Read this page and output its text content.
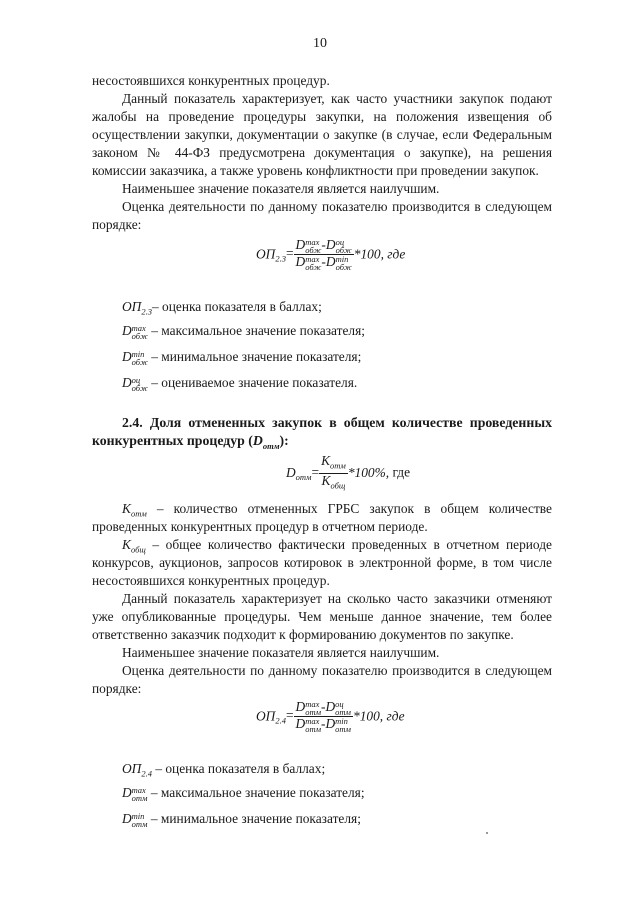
10
несостоявшихся конкурентных процедур.
Данный показатель характеризует, как часто участники закупок подают
жалобы на проведение процедуры закупки, на положения извещения об
осуществлении закупки, документации о закупке (в случае, если Федеральным
законом № 44-ФЗ предусмотрена документация о закупке), на решения
комиссии заказчика, а также уровень конфликтности при проведении закупок.
Наименьшее значение показателя является наилучшим.
Оценка деятельности по данному показателю производится в следующем
порядке:
$ОП_{2.3}= D$ max
обж -D оц
обж
D max
обж -D min
обж *100, где
$ОП_{2.3}-$ оценка показателя в баллах;
D max
обж – максимальное значение показателя;
D min
обж – минимальное значение показателя;
D оц
обж – оцениваемое значение показателя.
2.4. Доля отмененных закупок в общем количестве проведенных
конкурентных процедур $(D_{отм})$:
$D_{отм}= \frac{K_{отм}}{K_{общ}} *100\%$, где
$K_{отм}$ – количество отмененных ГРБС закупок в общем количестве
проведенных конкурентных процедур в отчетном периоде.
$K_{общ}$ – общее количество фактически проведенных в отчетном периоде
конкурсов, аукционов, запросов котировок в электронной форме, в том числе
несостоявшихся конкурентных процедур.
Данный показатель характеризует на сколько часто заказчики отменяют
уже опубликованные процедуры. Чем меньше данное значение, тем более
ответственно заказчик подходит к формированию документов по закупке.
Наименьшее значение показателя является наилучшим.
Оценка деятельности по данному показателю производится в следующем
порядке:
$ОП_{2.4}= D$ max
отм -D оц
отм
D max
отм -D min
отм *100, где
$ОП_{2.4}$ – оценка показателя в баллах;
D max
отм – максимальное значение показателя;
D min
отм – минимальное значение показателя;
